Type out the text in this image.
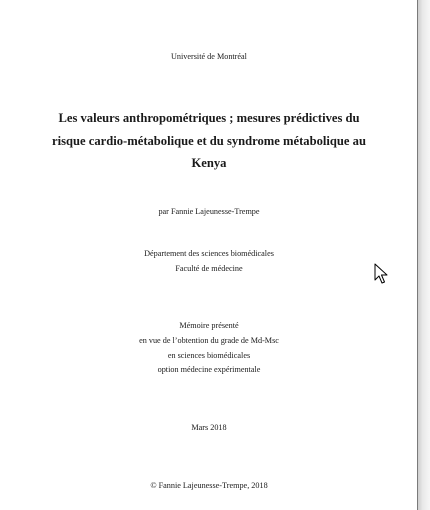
Université de Montréal
Les valeurs anthropométriques ; mesures prédictives du
risque cardio-métabolique et du syndrome métabolique au
Kenya
par Fannie Lajeunesse-Trempe
Département des sciences biomédicales
Faculté de médecine
Mémoire présenté
en vue de l’obtention du grade de Md-Msc
en sciences biomédicales
option médecine expérimentale
Mars 2018
© Fannie Lajeunesse-Trempe, 2018
